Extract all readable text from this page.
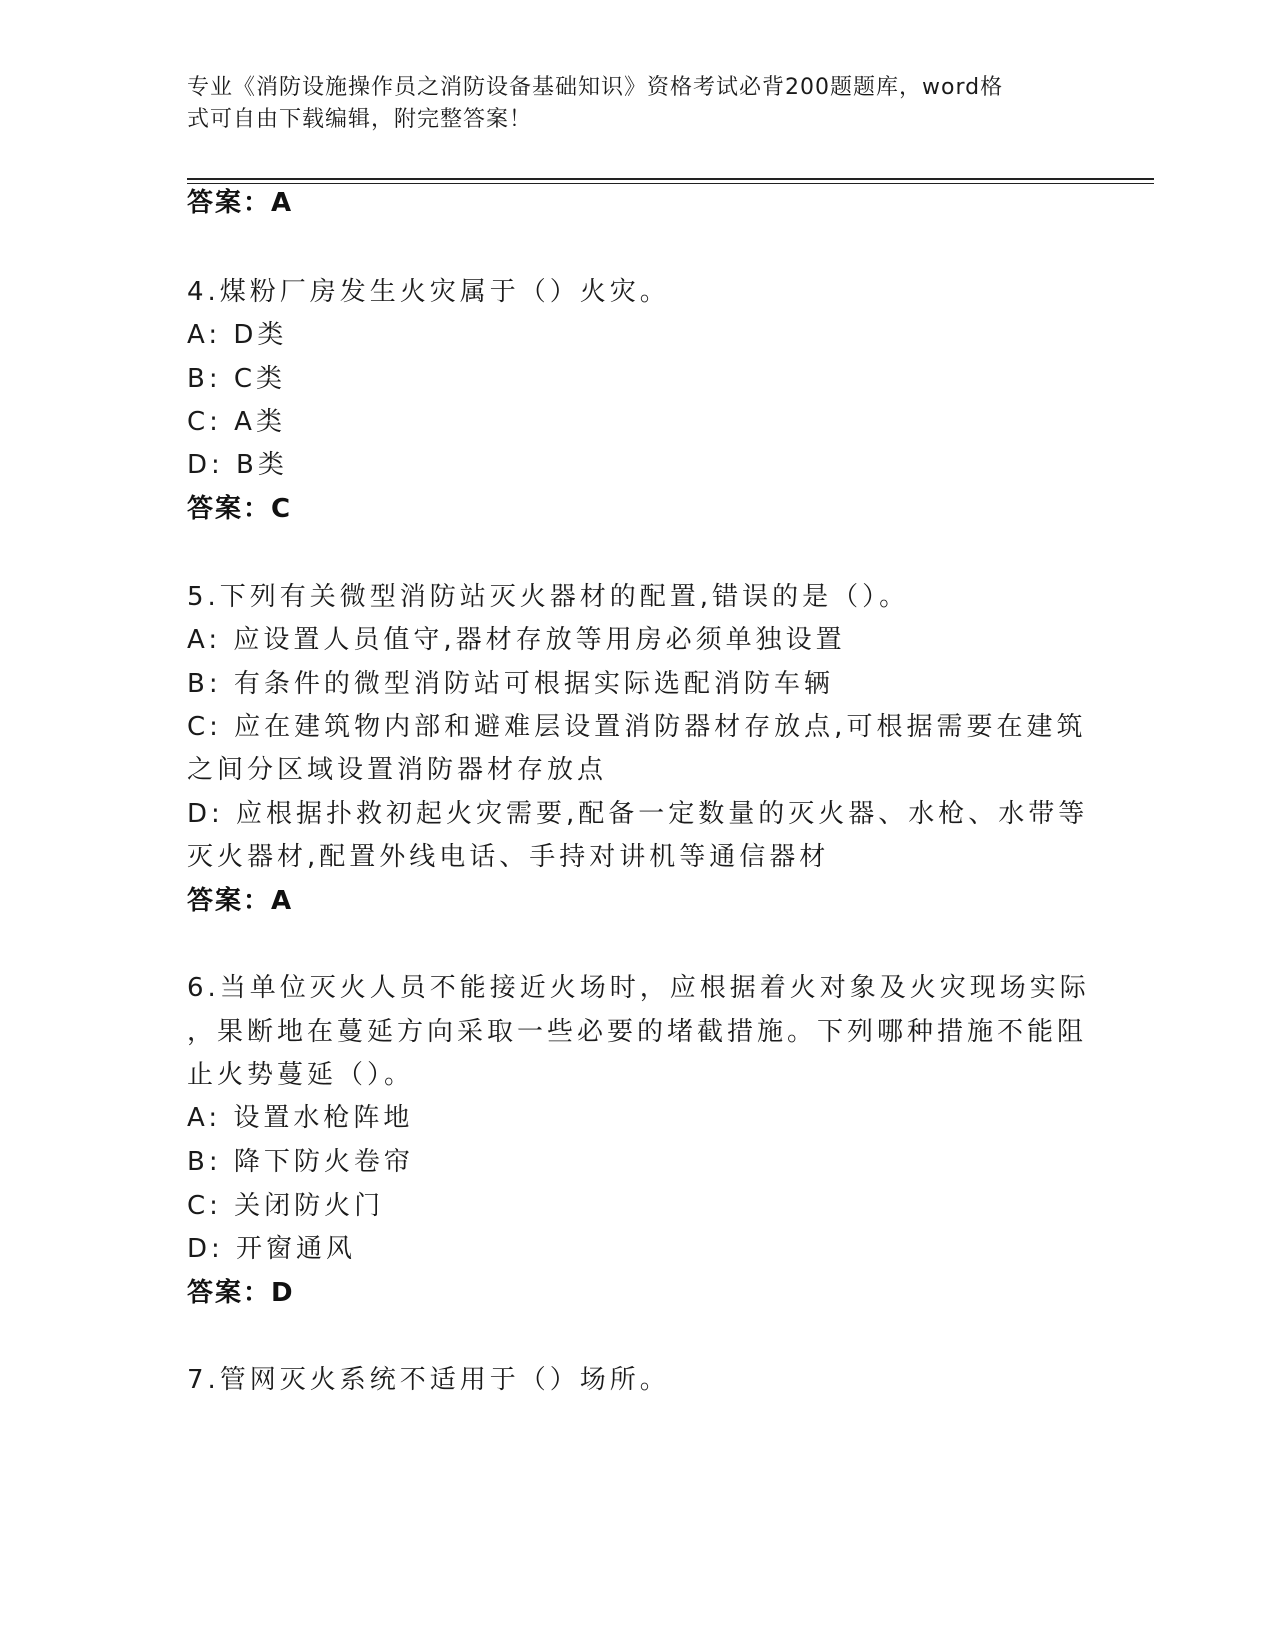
专业《消防设施操作员之消防设备基础知识》资格考试必背200题题库，word格
式可自由下载编辑，附完整答案！
答案：A
4.煤粉厂房发生火灾属于（）火灾。
A: D类
B: C类
C: A类
D: B类
答案：C
5.下列有关微型消防站灭火器材的配置,错误的是（）。
A: 应设置人员值守,器材存放等用房必须单独设置
B: 有条件的微型消防站可根据实际选配消防车辆
C: 应在建筑物内部和避难层设置消防器材存放点,可根据需要在建筑
之间分区域设置消防器材存放点
D: 应根据扑救初起火灾需要,配备一定数量的灭火器、水枪、水带等
灭火器材,配置外线电话、手持对讲机等通信器材
答案：A
6.当单位灭火人员不能接近火场时，应根据着火对象及火灾现场实际
，果断地在蔓延方向采取一些必要的堵截措施。下列哪种措施不能阻
止火势蔓延（）。
A: 设置水枪阵地
B: 降下防火卷帘
C: 关闭防火门
D: 开窗通风
答案：D
7.管网灭火系统不适用于（）场所。
